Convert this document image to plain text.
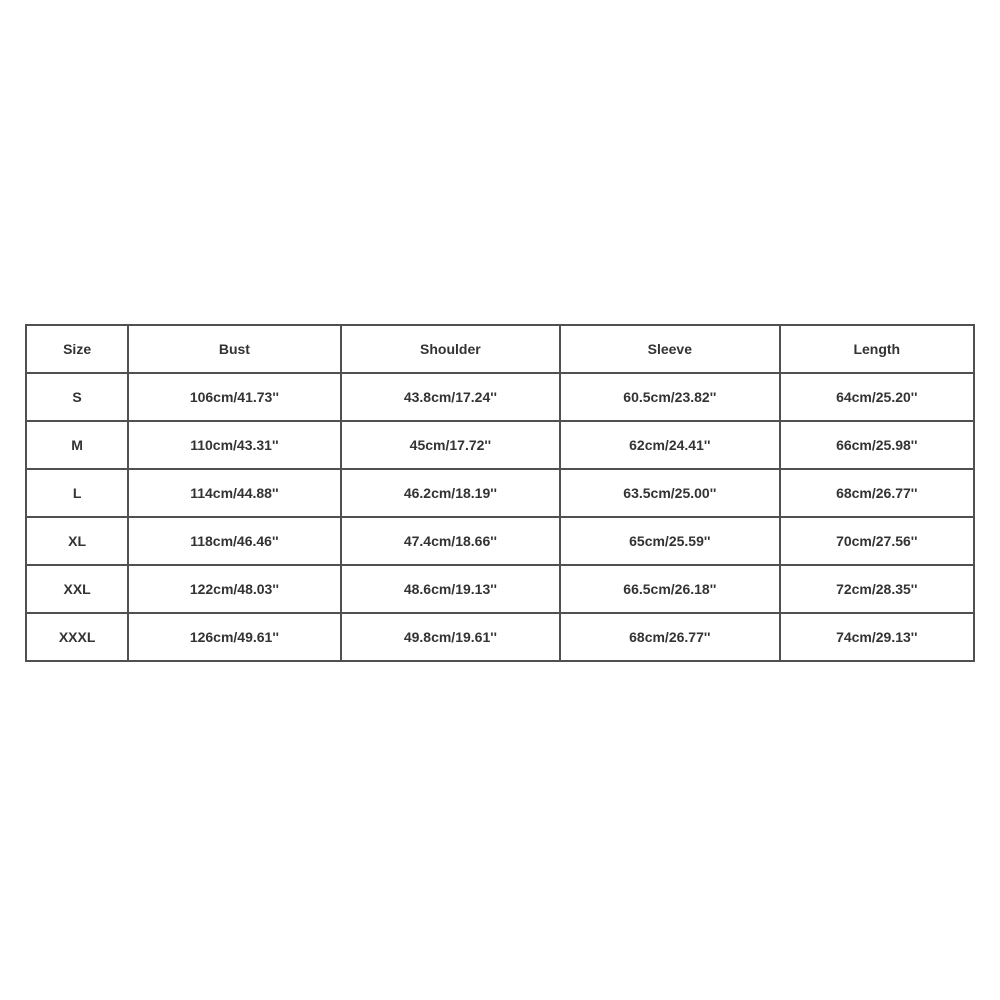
Size	Bust	Shoulder	Sleeve	Length
S	106cm/41.73''	43.8cm/17.24''	60.5cm/23.82''	64cm/25.20''
M	110cm/43.31''	45cm/17.72''	62cm/24.41''	66cm/25.98''
L	114cm/44.88''	46.2cm/18.19''	63.5cm/25.00''	68cm/26.77''
XL	118cm/46.46''	47.4cm/18.66''	65cm/25.59''	70cm/27.56''
XXL	122cm/48.03''	48.6cm/19.13''	66.5cm/26.18''	72cm/28.35''
XXXL	126cm/49.61''	49.8cm/19.61''	68cm/26.77''	74cm/29.13''
